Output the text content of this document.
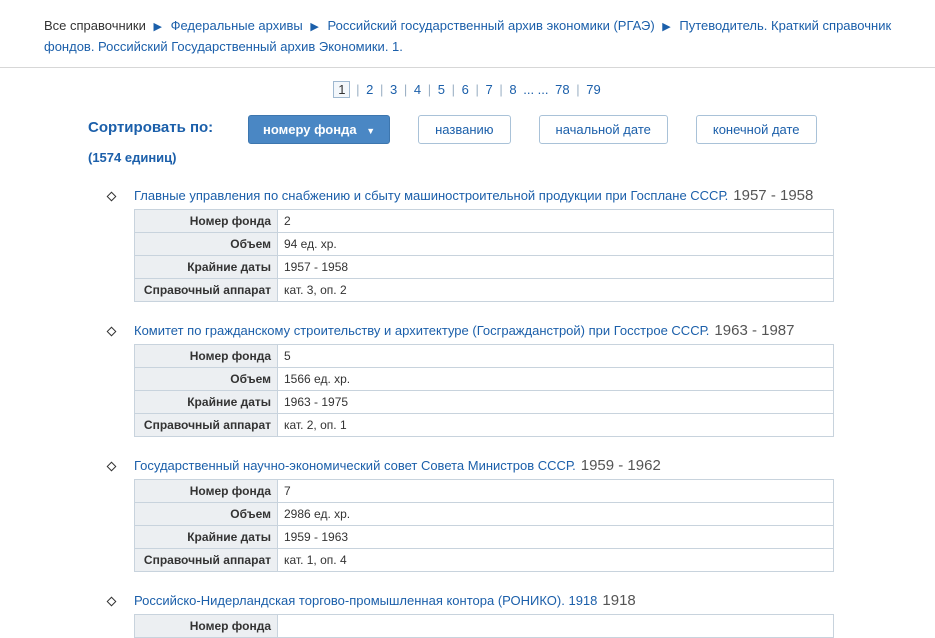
Все справочники ▶ Федеральные архивы ▶ Российский государственный архив экономики (РГАЭ) ▶ Путеводитель. Краткий справочник фондов. Российский Государственный архив Экономики. 1.
1 | 2 | 3 | 4 | 5 | 6 | 7 | 8 ... ... 78 | 79
Сортировать по:
(1574 единиц)
номеру фонда ▼	названию	начальной дате	конечной дате
Главные управления по снабжению и сбыту машиностроительной продукции при Госплане СССР. 1957 - 1958
Номер фонда	2
Объем	94 ед. хр.
Крайние даты	1957 - 1958
Справочный аппарат	кат. 3, оп. 2
Комитет по гражданскому строительству и архитектуре (Госгражданстрой) при Госстрое СССР. 1963 - 1987
Номер фонда	5
Объем	1566 ед. хр.
Крайние даты	1963 - 1975
Справочный аппарат	кат. 2, оп. 1
Государственный научно-экономический совет Совета Министров СССР. 1959 - 1962
Номер фонда	7
Объем	2986 ед. хр.
Крайние даты	1959 - 1963
Справочный аппарат	кат. 1, оп. 4
Российско-Нидерландская торгово-промышленная контора (РОНИКО). 1918 1918
Номер фонда	
